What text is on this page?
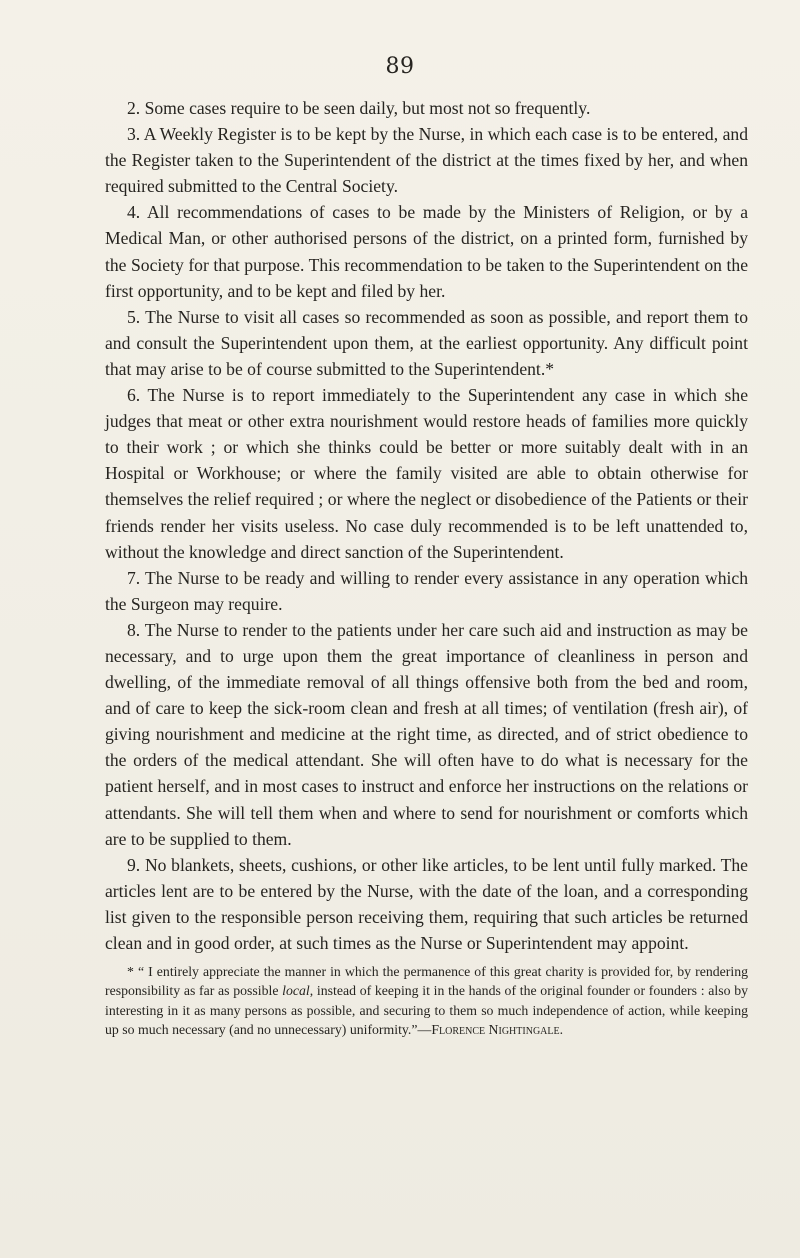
89

2. Some cases require to be seen daily, but most not so frequently.

3. A Weekly Register is to be kept by the Nurse, in which each case is to be entered, and the Register taken to the Superintendent of the district at the times fixed by her, and when required submitted to the Central Society.

4. All recommendations of cases to be made by the Ministers of Religion, or by a Medical Man, or other authorised persons of the district, on a printed form, furnished by the Society for that purpose. This recommendation to be taken to the Superintendent on the first opportunity, and to be kept and filed by her.

5. The Nurse to visit all cases so recommended as soon as possible, and report them to and consult the Superintendent upon them, at the earliest opportunity. Any difficult point that may arise to be of course submitted to the Superintendent.*

6. The Nurse is to report immediately to the Superintendent any case in which she judges that meat or other extra nourishment would restore heads of families more quickly to their work ; or which she thinks could be better or more suitably dealt with in an Hospital or Workhouse; or where the family visited are able to obtain otherwise for themselves the relief required ; or where the neglect or disobedience of the Patients or their friends render her visits useless. No case duly recommended is to be left unattended to, without the knowledge and direct sanction of the Superintendent.

7. The Nurse to be ready and willing to render every assistance in any operation which the Surgeon may require.

8. The Nurse to render to the patients under her care such aid and instruction as may be necessary, and to urge upon them the great importance of cleanliness in person and dwelling, of the immediate removal of all things offensive both from the bed and room, and of care to keep the sick-room clean and fresh at all times; of ventilation (fresh air), of giving nourishment and medicine at the right time, as directed, and of strict obedience to the orders of the medical attendant. She will often have to do what is necessary for the patient herself, and in most cases to instruct and enforce her instructions on the relations or attendants. She will tell them when and where to send for nourishment or comforts which are to be supplied to them.

9. No blankets, sheets, cushions, or other like articles, to be lent until fully marked. The articles lent are to be entered by the Nurse, with the date of the loan, and a corresponding list given to the responsible person receiving them, requiring that such articles be returned clean and in good order, at such times as the Nurse or Superintendent may appoint.

* “ I entirely appreciate the manner in which the permanence of this great charity is provided for, by rendering responsibility as far as possible local, instead of keeping it in the hands of the original founder or founders : also by interesting in it as many persons as possible, and securing to them so much independence of action, while keeping up so much necessary (and no unnecessary) uniformity.”—Florence Nightingale.
